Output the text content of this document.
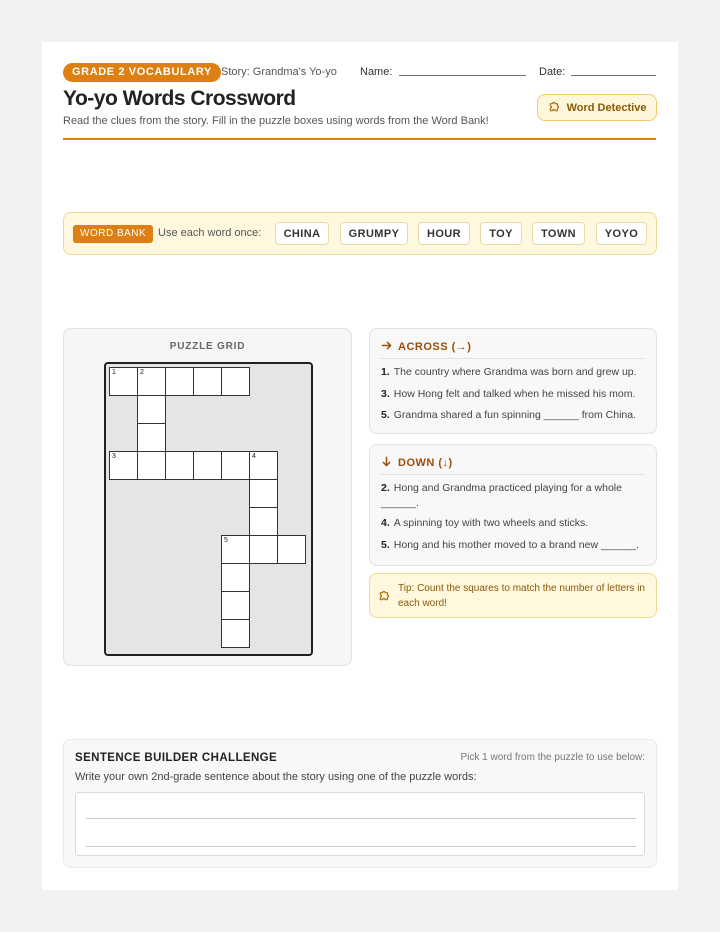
GRADE 2 VOCABULARY Story: Grandma's Yo-yo Name:	Date:
Yo-yo Words Crossword

Read the clues from the story. Fill in the puzzle boxes using words from the Word Bank!

Word Detective
WORD BANK	Use each word once:	CHINA	GRUMPY	HOUR	TOY	TOWN	YOYO
PUZZLE GRID
1	2
3	4
5
ACROSS (→)
1. The country where Grandma was born and grew up.
3. How Hong felt and talked when he missed his mom.
5. Grandma shared a fun spinning ______ from China.
DOWN (↓)
2. Hong and Grandma practiced playing for a whole ______.
4. A spinning toy with two wheels and sticks.
5. Hong and his mother moved to a brand new ______.
Tip: Count the squares to match the number of letters in each word!
SENTENCE BUILDER CHALLENGE	Pick 1 word from the puzzle to use below:
Write your own 2nd-grade sentence about the story using one of the puzzle words:
